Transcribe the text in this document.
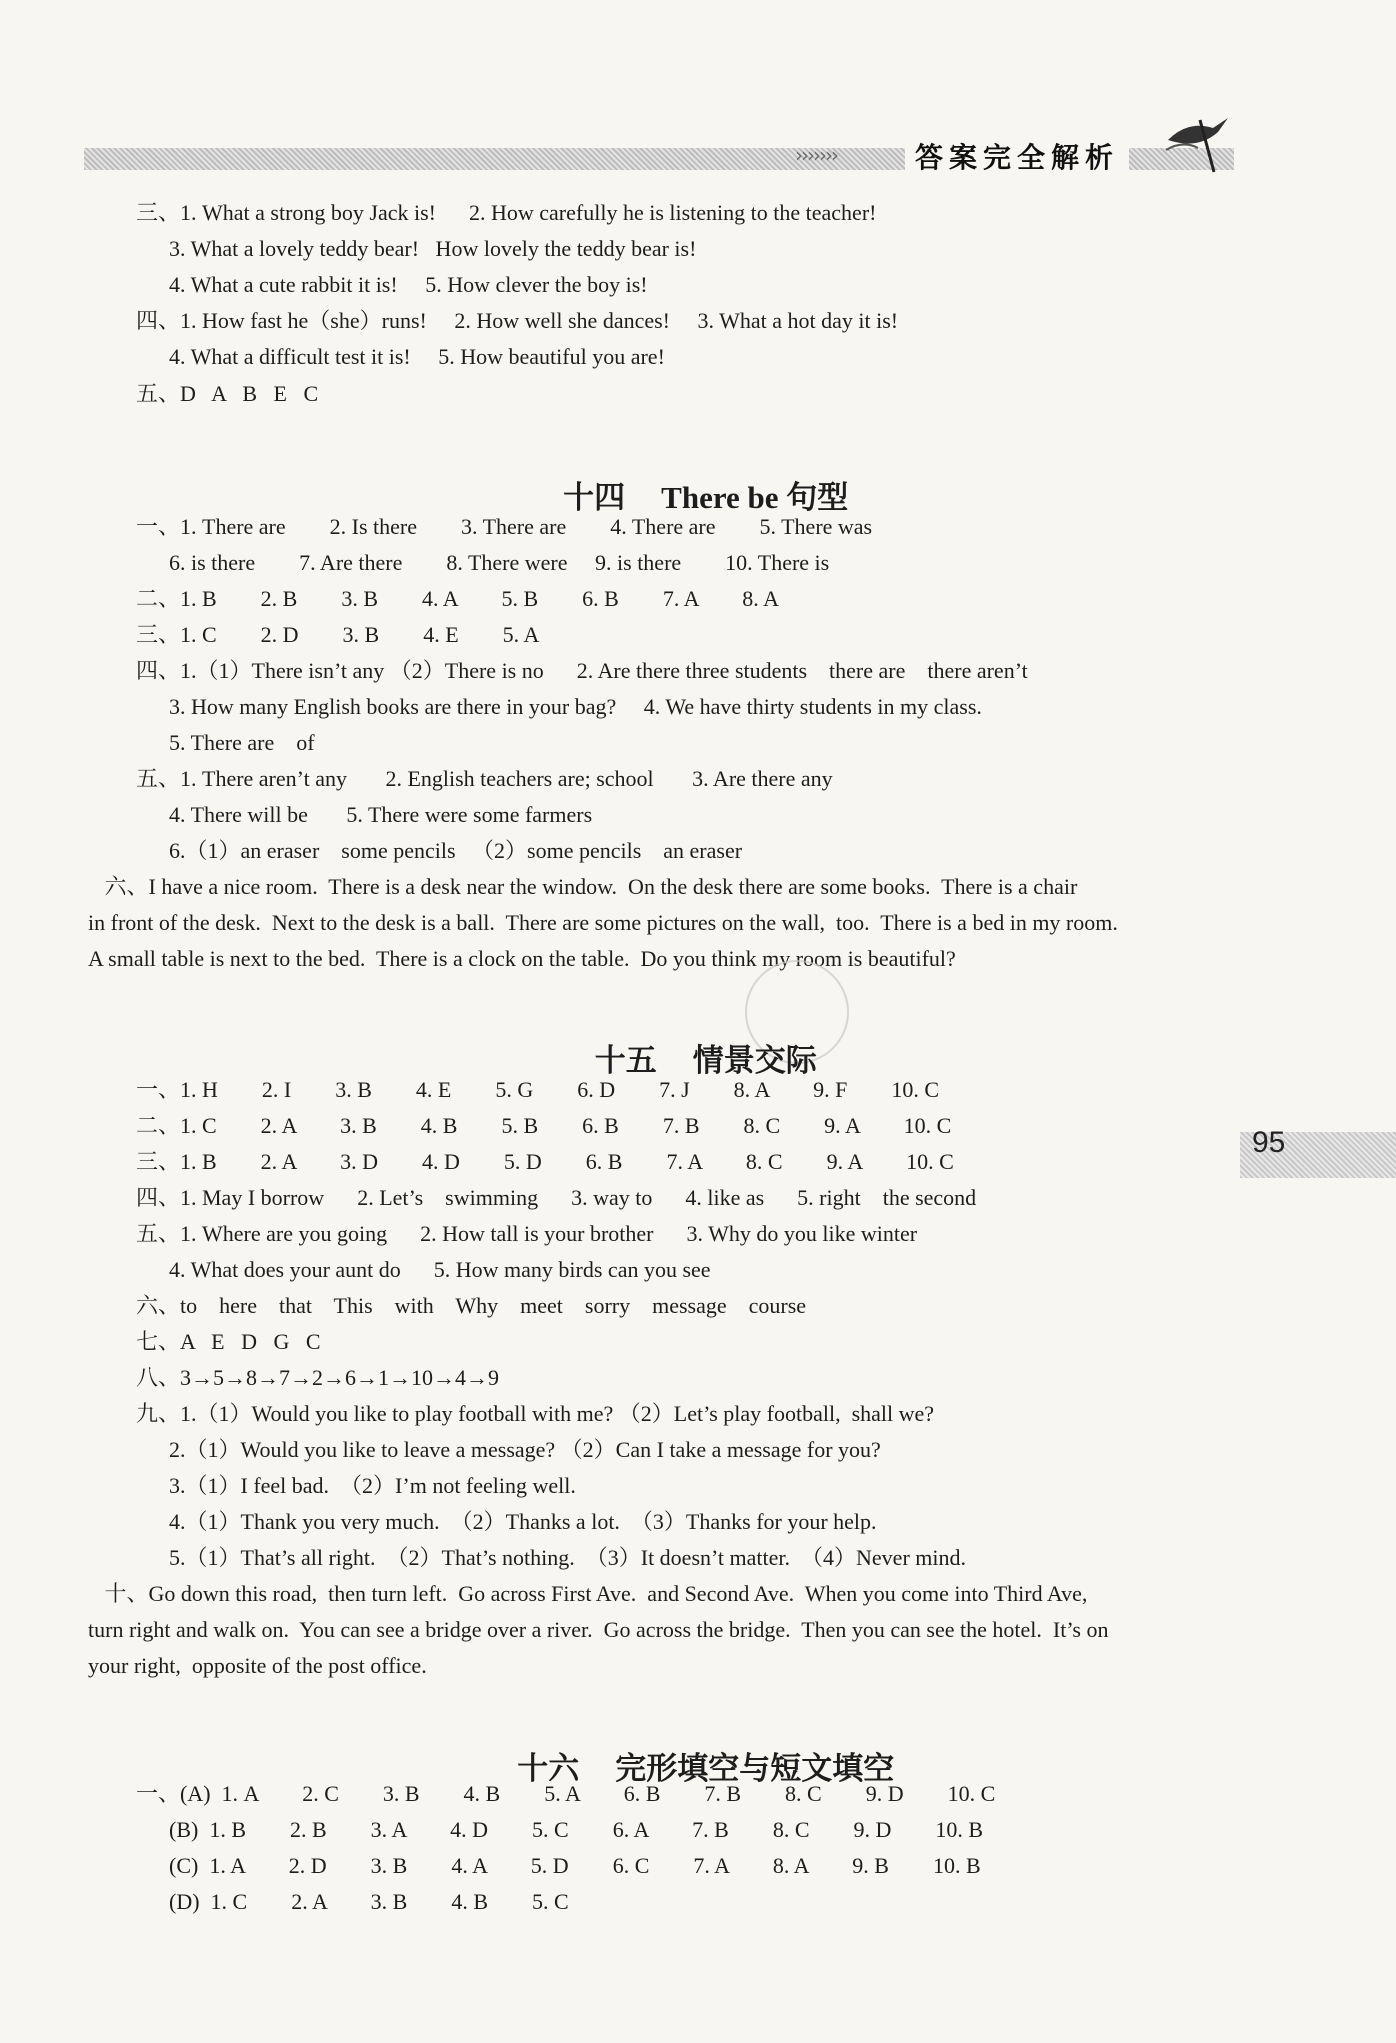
›››››››	答案完全解析
95
三、1. What a strong boy Jack is!      2. How carefully he is listening to the teacher!
3. What a lovely teddy bear!   How lovely the teddy bear is!
4. What a cute rabbit it is!     5. How clever the boy is!
四、1. How fast he（she）runs!     2. How well she dances!     3. What a hot day it is!
4. What a difficult test it is!     5. How beautiful you are!
五、D   A   B   E   C

十四 There be 句型

一、1. There are        2. Is there        3. There are        4. There are        5. There was
6. is there        7. Are there        8. There were     9. is there        10. There is
二、1. B        2. B        3. B        4. A        5. B        6. B        7. A        8. A
三、1. C        2. D        3. B        4. E        5. A
四、1.（1）There isn’t any （2）There is no      2. Are there three students    there are    there aren’t
3. How many English books are there in your bag?     4. We have thirty students in my class.
5. There are    of
五、1. There aren’t any       2. English teachers are; school       3. Are there any
4. There will be       5. There were some farmers
6.（1）an eraser    some pencils   （2）some pencils    an eraser
六、I have a nice room.  There is a desk near the window.  On the desk there are some books.  There is a chair
in front of the desk.  Next to the desk is a ball.  There are some pictures on the wall,  too.  There is a bed in my room.
A small table is next to the bed.  There is a clock on the table.  Do you think my room is beautiful?

十五 情景交际

一、1. H        2. I        3. B        4. E        5. G        6. D        7. J        8. A        9. F        10. C
二、1. C        2. A        3. B        4. B        5. B        6. B        7. B        8. C        9. A        10. C
三、1. B        2. A        3. D        4. D        5. D        6. B        7. A        8. C        9. A        10. C
四、1. May I borrow      2. Let’s    swimming      3. way to      4. like as      5. right    the second
五、1. Where are you going      2. How tall is your brother      3. Why do you like winter
4. What does your aunt do      5. How many birds can you see
六、to    here    that    This    with    Why    meet    sorry    message    course
七、A   E   D   G   C
八、3→5→8→7→2→6→1→10→4→9
九、1.（1）Would you like to play football with me? （2）Let’s play football,  shall we?
2.（1）Would you like to leave a message? （2）Can I take a message for you?
3.（1）I feel bad.  （2）I’m not feeling well.
4.（1）Thank you very much.  （2）Thanks a lot.  （3）Thanks for your help.
5.（1）That’s all right.  （2）That’s nothing.  （3）It doesn’t matter.  （4）Never mind.
十、Go down this road,  then turn left.  Go across First Ave.  and Second Ave.  When you come into Third Ave,
turn right and walk on.  You can see a bridge over a river.  Go across the bridge.  Then you can see the hotel.  It’s on
your right,  opposite of the post office.

十六 完形填空与短文填空

一、(A)  1. A        2. C        3. B        4. B        5. A        6. B        7. B        8. C        9. D        10. C
(B)  1. B        2. B        3. A        4. D        5. C        6. A        7. B        8. C        9. D        10. B
(C)  1. A        2. D        3. B        4. A        5. D        6. C        7. A        8. A        9. B        10. B
(D)  1. C        2. A        3. B        4. B        5. C
